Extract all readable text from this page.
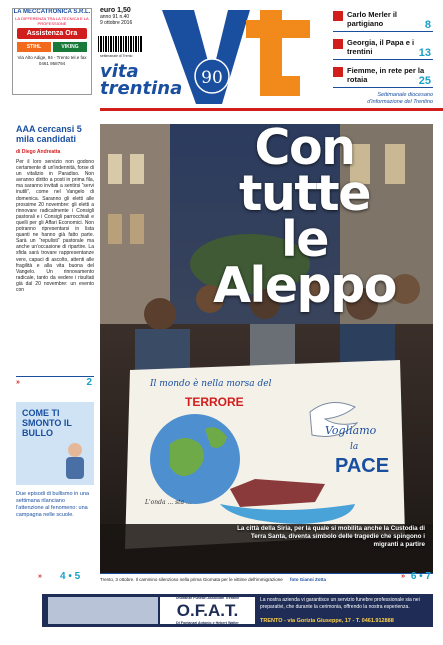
LA MECCATRONICA S.R.L.
LA DIFFERENZA TRA LA TECNICA E LA PROFESSIONE
Assistenza Ora
STIHL	VIKING
Via Alto Adige, 94 - Trento tel.e fax 0461 958794
euro 1,50
anno 91 n.40
9 ottobre 2016
settimanale di Trento
90
vita
trentina
Carlo Merler il partigiano	8
Georgia, il Papa e i trentini	13
Fiemme, in rete per la rotaia	25
Settimanale diocesano
d'informazione del Trentino
AAA cercansi 5 mila candidati
di Diego Andreatta
Per il loro servizio non godono certamente di un'indennità, forse di un vitalizio in Paradiso. Non avranno diritto a posti in prima fila, ma saranno invitati a sentirsi “servi inutili”, come nel Vangelo di domenica. Saranno gli eletti alle prossime 20 novembre: gli eletti a rinnovare radicalmente i Consigli pastorali e i Consigli parrocchiali e quelli per gli Affari Economici. Non potranno ripresentarsi in lista quanti ne hanno già fatto parte. Sarà un “repulisti” pastorale ma anche un'occasione di ripartire. La sfida sarà trovare rappresentanze vere, capaci di ascolto, attenti alle fragilità e alla vita buona del Vangelo. Un rinnovamento radicale, tanto da vedere i risultati già dal 20 novembre: un evento con
»	2
COME TI SMONTO IL BULLO
Due episodi di bullismo in una settimana rilanciano l'attenzione al fenomeno: una campagna nelle scuole.
» 4 • 5
Il mondo è nella morsa del
TERRORE
Vogliamo
la
PACE
L'onda ... sta ...
Con tutte
le Aleppo
La città della Siria, per la quale si mobilita anche la Custodia di Terra Santa, diventa simbolo delle tragedie che spingono i migranti a partire
Trento, 3 ottobre. Il cammino silenzioso nella prima Giornata per le vittime dell'immigrazione foto Gianni Zotta	» 6 • 7
Onoranze Funebri Associate Trentine
O.F.A.T.
Di Fontanari Antonio e Hebert Walter
La nostra azienda vi garantisce un servizio funebre professionale sia nei preparativi, che durante la cerimonia, offrendo la nostra esperienza.
TRENTO - via Gorizia Giuseppe, 17 - T. 0461.912888
